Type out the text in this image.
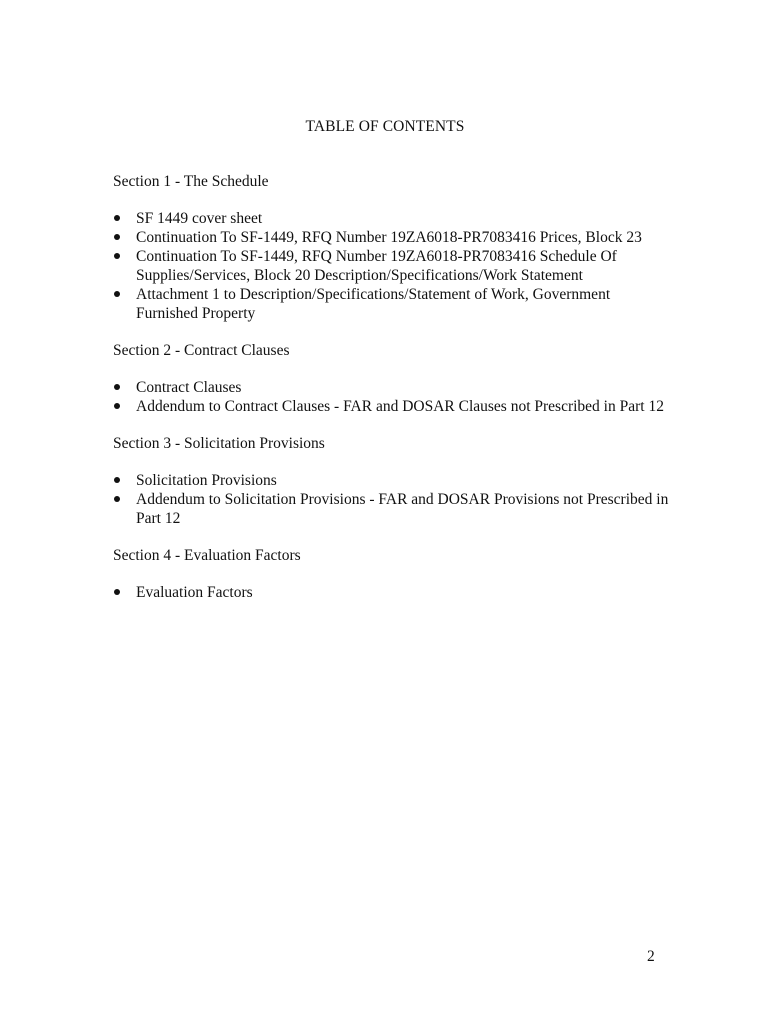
TABLE OF CONTENTS
Section 1 - The Schedule
SF 1449 cover sheet
Continuation To SF-1449, RFQ Number 19ZA6018-PR7083416 Prices, Block 23
Continuation To SF-1449, RFQ Number 19ZA6018-PR7083416 Schedule Of Supplies/Services, Block 20 Description/Specifications/Work Statement
Attachment 1 to Description/Specifications/Statement of Work, Government Furnished Property
Section 2 - Contract Clauses
Contract Clauses
Addendum to Contract Clauses - FAR and DOSAR Clauses not Prescribed in Part 12
Section 3 - Solicitation Provisions
Solicitation Provisions
Addendum to Solicitation Provisions - FAR and DOSAR Provisions not Prescribed in Part 12
Section 4 - Evaluation Factors
Evaluation Factors
2
